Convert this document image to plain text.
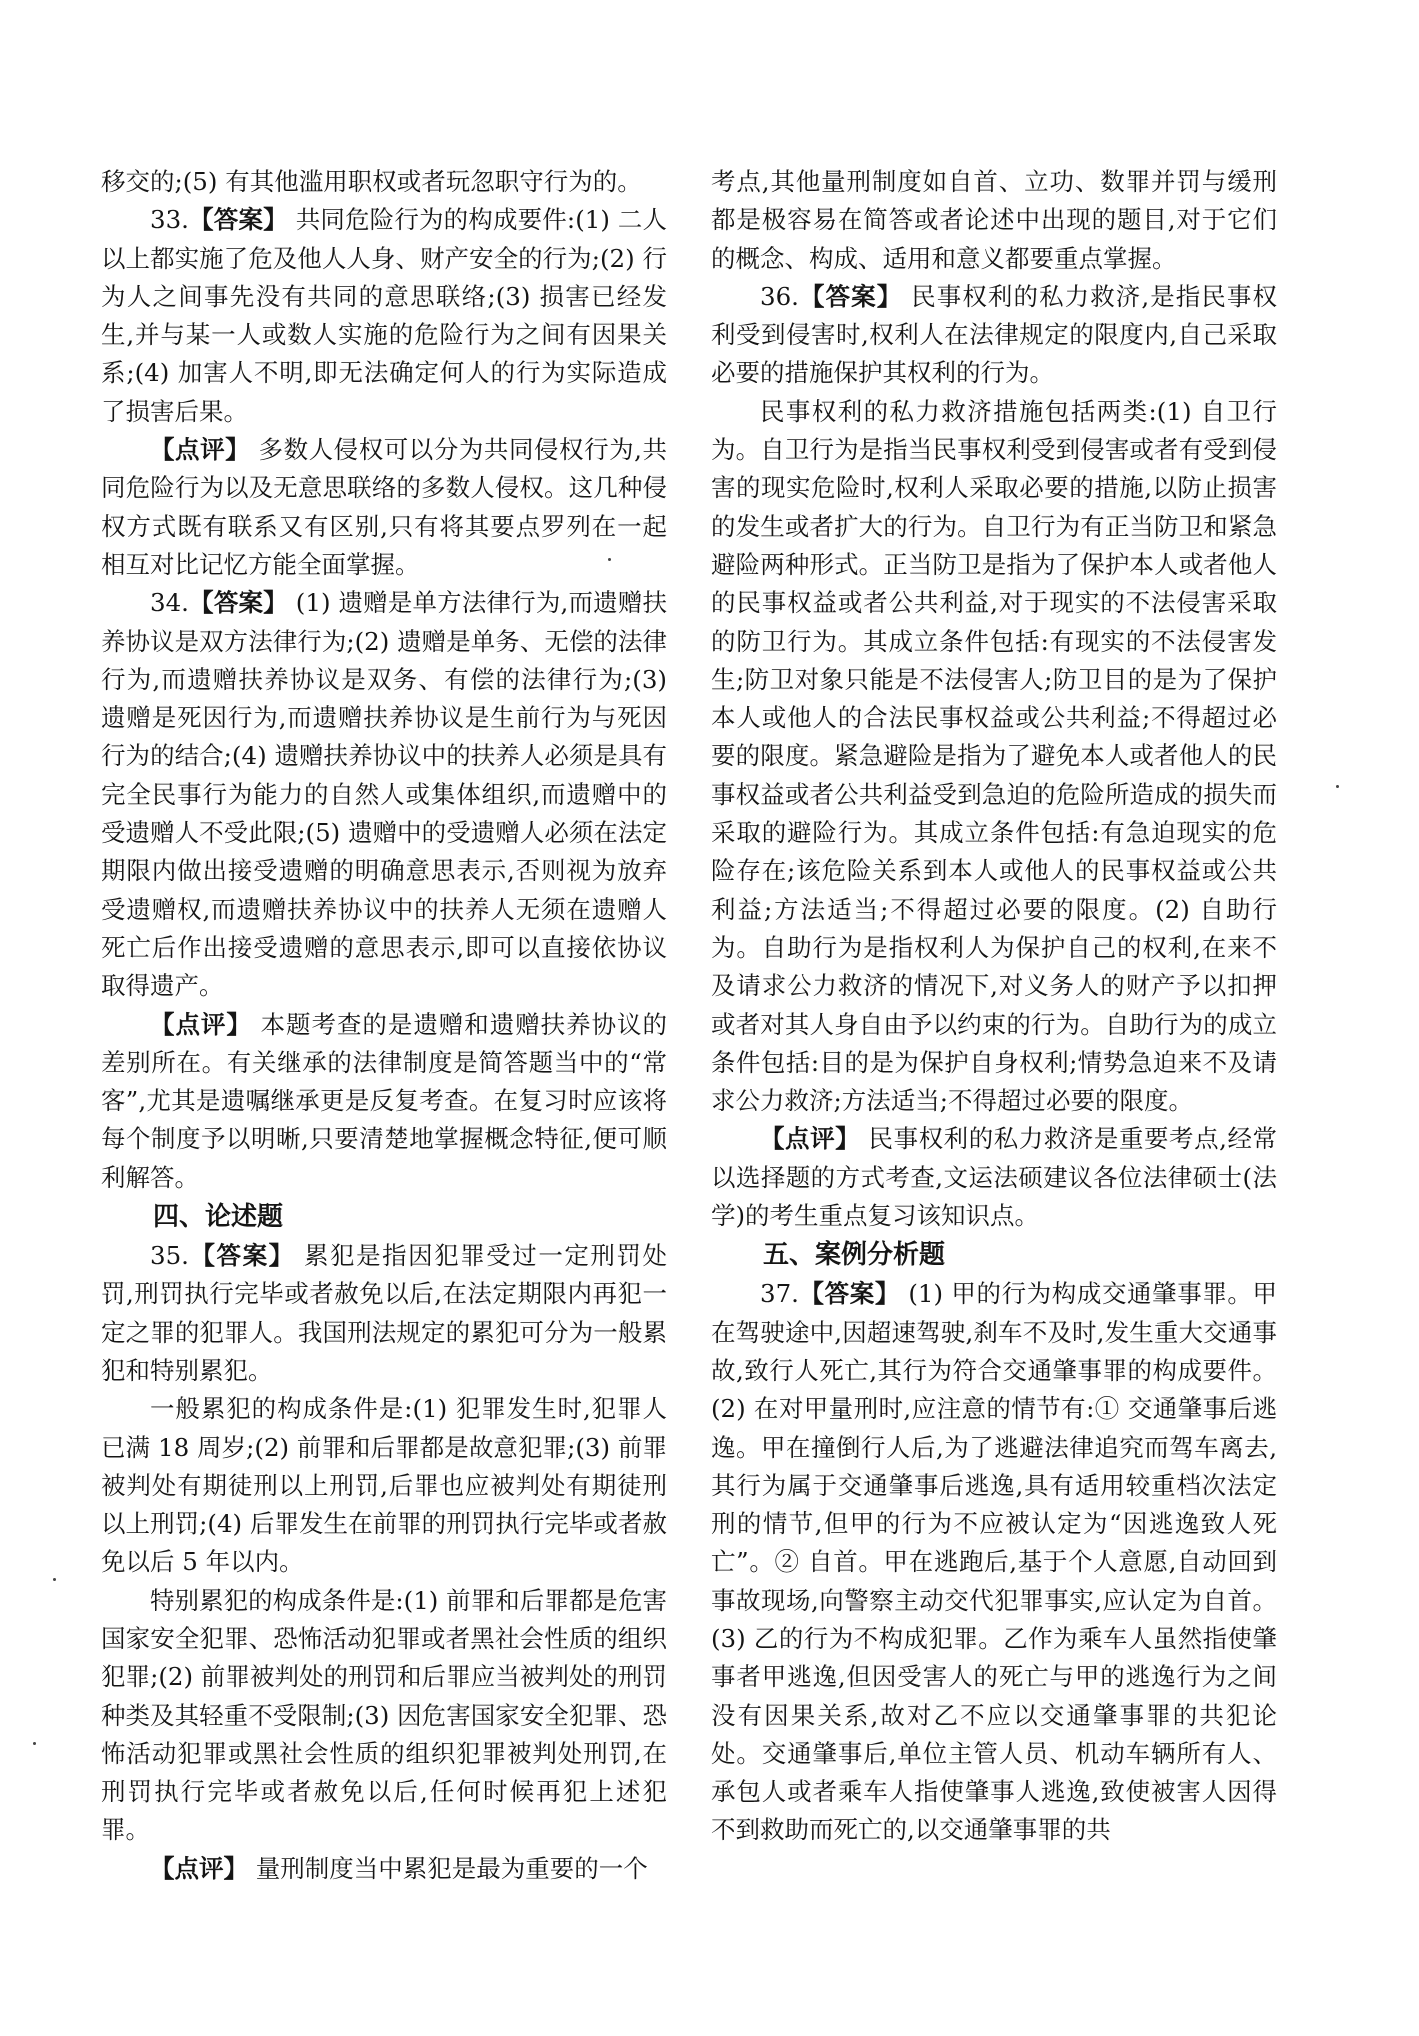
移交的;(5) 有其他滥用职权或者玩忽职守行为的。

33.【答案】 共同危险行为的构成要件:(1) 二人以上都实施了危及他人人身、财产安全的行为;(2) 行为人之间事先没有共同的意思联络;(3) 损害已经发生,并与某一人或数人实施的危险行为之间有因果关系;(4) 加害人不明,即无法确定何人的行为实际造成了损害后果。

【点评】 多数人侵权可以分为共同侵权行为,共同危险行为以及无意思联络的多数人侵权。这几种侵权方式既有联系又有区别,只有将其要点罗列在一起相互对比记忆方能全面掌握。

34.【答案】 (1) 遗赠是单方法律行为,而遗赠扶养协议是双方法律行为;(2) 遗赠是单务、无偿的法律行为,而遗赠扶养协议是双务、有偿的法律行为;(3) 遗赠是死因行为,而遗赠扶养协议是生前行为与死因行为的结合;(4) 遗赠扶养协议中的扶养人必须是具有完全民事行为能力的自然人或集体组织,而遗赠中的受遗赠人不受此限;(5) 遗赠中的受遗赠人必须在法定期限内做出接受遗赠的明确意思表示,否则视为放弃受遗赠权,而遗赠扶养协议中的扶养人无须在遗赠人死亡后作出接受遗赠的意思表示,即可以直接依协议取得遗产。

【点评】 本题考查的是遗赠和遗赠扶养协议的差别所在。有关继承的法律制度是简答题当中的“常客”,尤其是遗嘱继承更是反复考查。在复习时应该将每个制度予以明晰,只要清楚地掌握概念特征,便可顺利解答。

四、论述题

35.【答案】 累犯是指因犯罪受过一定刑罚处罚,刑罚执行完毕或者赦免以后,在法定期限内再犯一定之罪的犯罪人。我国刑法规定的累犯可分为一般累犯和特别累犯。

一般累犯的构成条件是:(1) 犯罪发生时,犯罪人已满 18 周岁;(2) 前罪和后罪都是故意犯罪;(3) 前罪被判处有期徒刑以上刑罚,后罪也应被判处有期徒刑以上刑罚;(4) 后罪发生在前罪的刑罚执行完毕或者赦免以后 5 年以内。

特别累犯的构成条件是:(1) 前罪和后罪都是危害国家安全犯罪、恐怖活动犯罪或者黑社会性质的组织犯罪;(2) 前罪被判处的刑罚和后罪应当被判处的刑罚种类及其轻重不受限制;(3) 因危害国家安全犯罪、恐怖活动犯罪或黑社会性质的组织犯罪被判处刑罚,在刑罚执行完毕或者赦免以后,任何时候再犯上述犯罪。

【点评】 量刑制度当中累犯是最为重要的一个

考点,其他量刑制度如自首、立功、数罪并罚与缓刑都是极容易在简答或者论述中出现的题目,对于它们的概念、构成、适用和意义都要重点掌握。

36.【答案】 民事权利的私力救济,是指民事权利受到侵害时,权利人在法律规定的限度内,自己采取必要的措施保护其权利的行为。

民事权利的私力救济措施包括两类:(1) 自卫行为。自卫行为是指当民事权利受到侵害或者有受到侵害的现实危险时,权利人采取必要的措施,以防止损害的发生或者扩大的行为。自卫行为有正当防卫和紧急避险两种形式。正当防卫是指为了保护本人或者他人的民事权益或者公共利益,对于现实的不法侵害采取的防卫行为。其成立条件包括:有现实的不法侵害发生;防卫对象只能是不法侵害人;防卫目的是为了保护本人或他人的合法民事权益或公共利益;不得超过必要的限度。紧急避险是指为了避免本人或者他人的民事权益或者公共利益受到急迫的危险所造成的损失而采取的避险行为。其成立条件包括:有急迫现实的危险存在;该危险关系到本人或他人的民事权益或公共利益;方法适当;不得超过必要的限度。(2) 自助行为。自助行为是指权利人为保护自己的权利,在来不及请求公力救济的情况下,对义务人的财产予以扣押或者对其人身自由予以约束的行为。自助行为的成立条件包括:目的是为保护自身权利;情势急迫来不及请求公力救济;方法适当;不得超过必要的限度。

【点评】 民事权利的私力救济是重要考点,经常以选择题的方式考查,文运法硕建议各位法律硕士(法学)的考生重点复习该知识点。

五、案例分析题

37.【答案】 (1) 甲的行为构成交通肇事罪。甲在驾驶途中,因超速驾驶,刹车不及时,发生重大交通事故,致行人死亡,其行为符合交通肇事罪的构成要件。(2) 在对甲量刑时,应注意的情节有:① 交通肇事后逃逸。甲在撞倒行人后,为了逃避法律追究而驾车离去,其行为属于交通肇事后逃逸,具有适用较重档次法定刑的情节,但甲的行为不应被认定为“因逃逸致人死亡”。② 自首。甲在逃跑后,基于个人意愿,自动回到事故现场,向警察主动交代犯罪事实,应认定为自首。(3) 乙的行为不构成犯罪。乙作为乘车人虽然指使肇事者甲逃逸,但因受害人的死亡与甲的逃逸行为之间没有因果关系,故对乙不应以交通肇事罪的共犯论处。交通肇事后,单位主管人员、机动车辆所有人、承包人或者乘车人指使肇事人逃逸,致使被害人因得不到救助而死亡的,以交通肇事罪的共
